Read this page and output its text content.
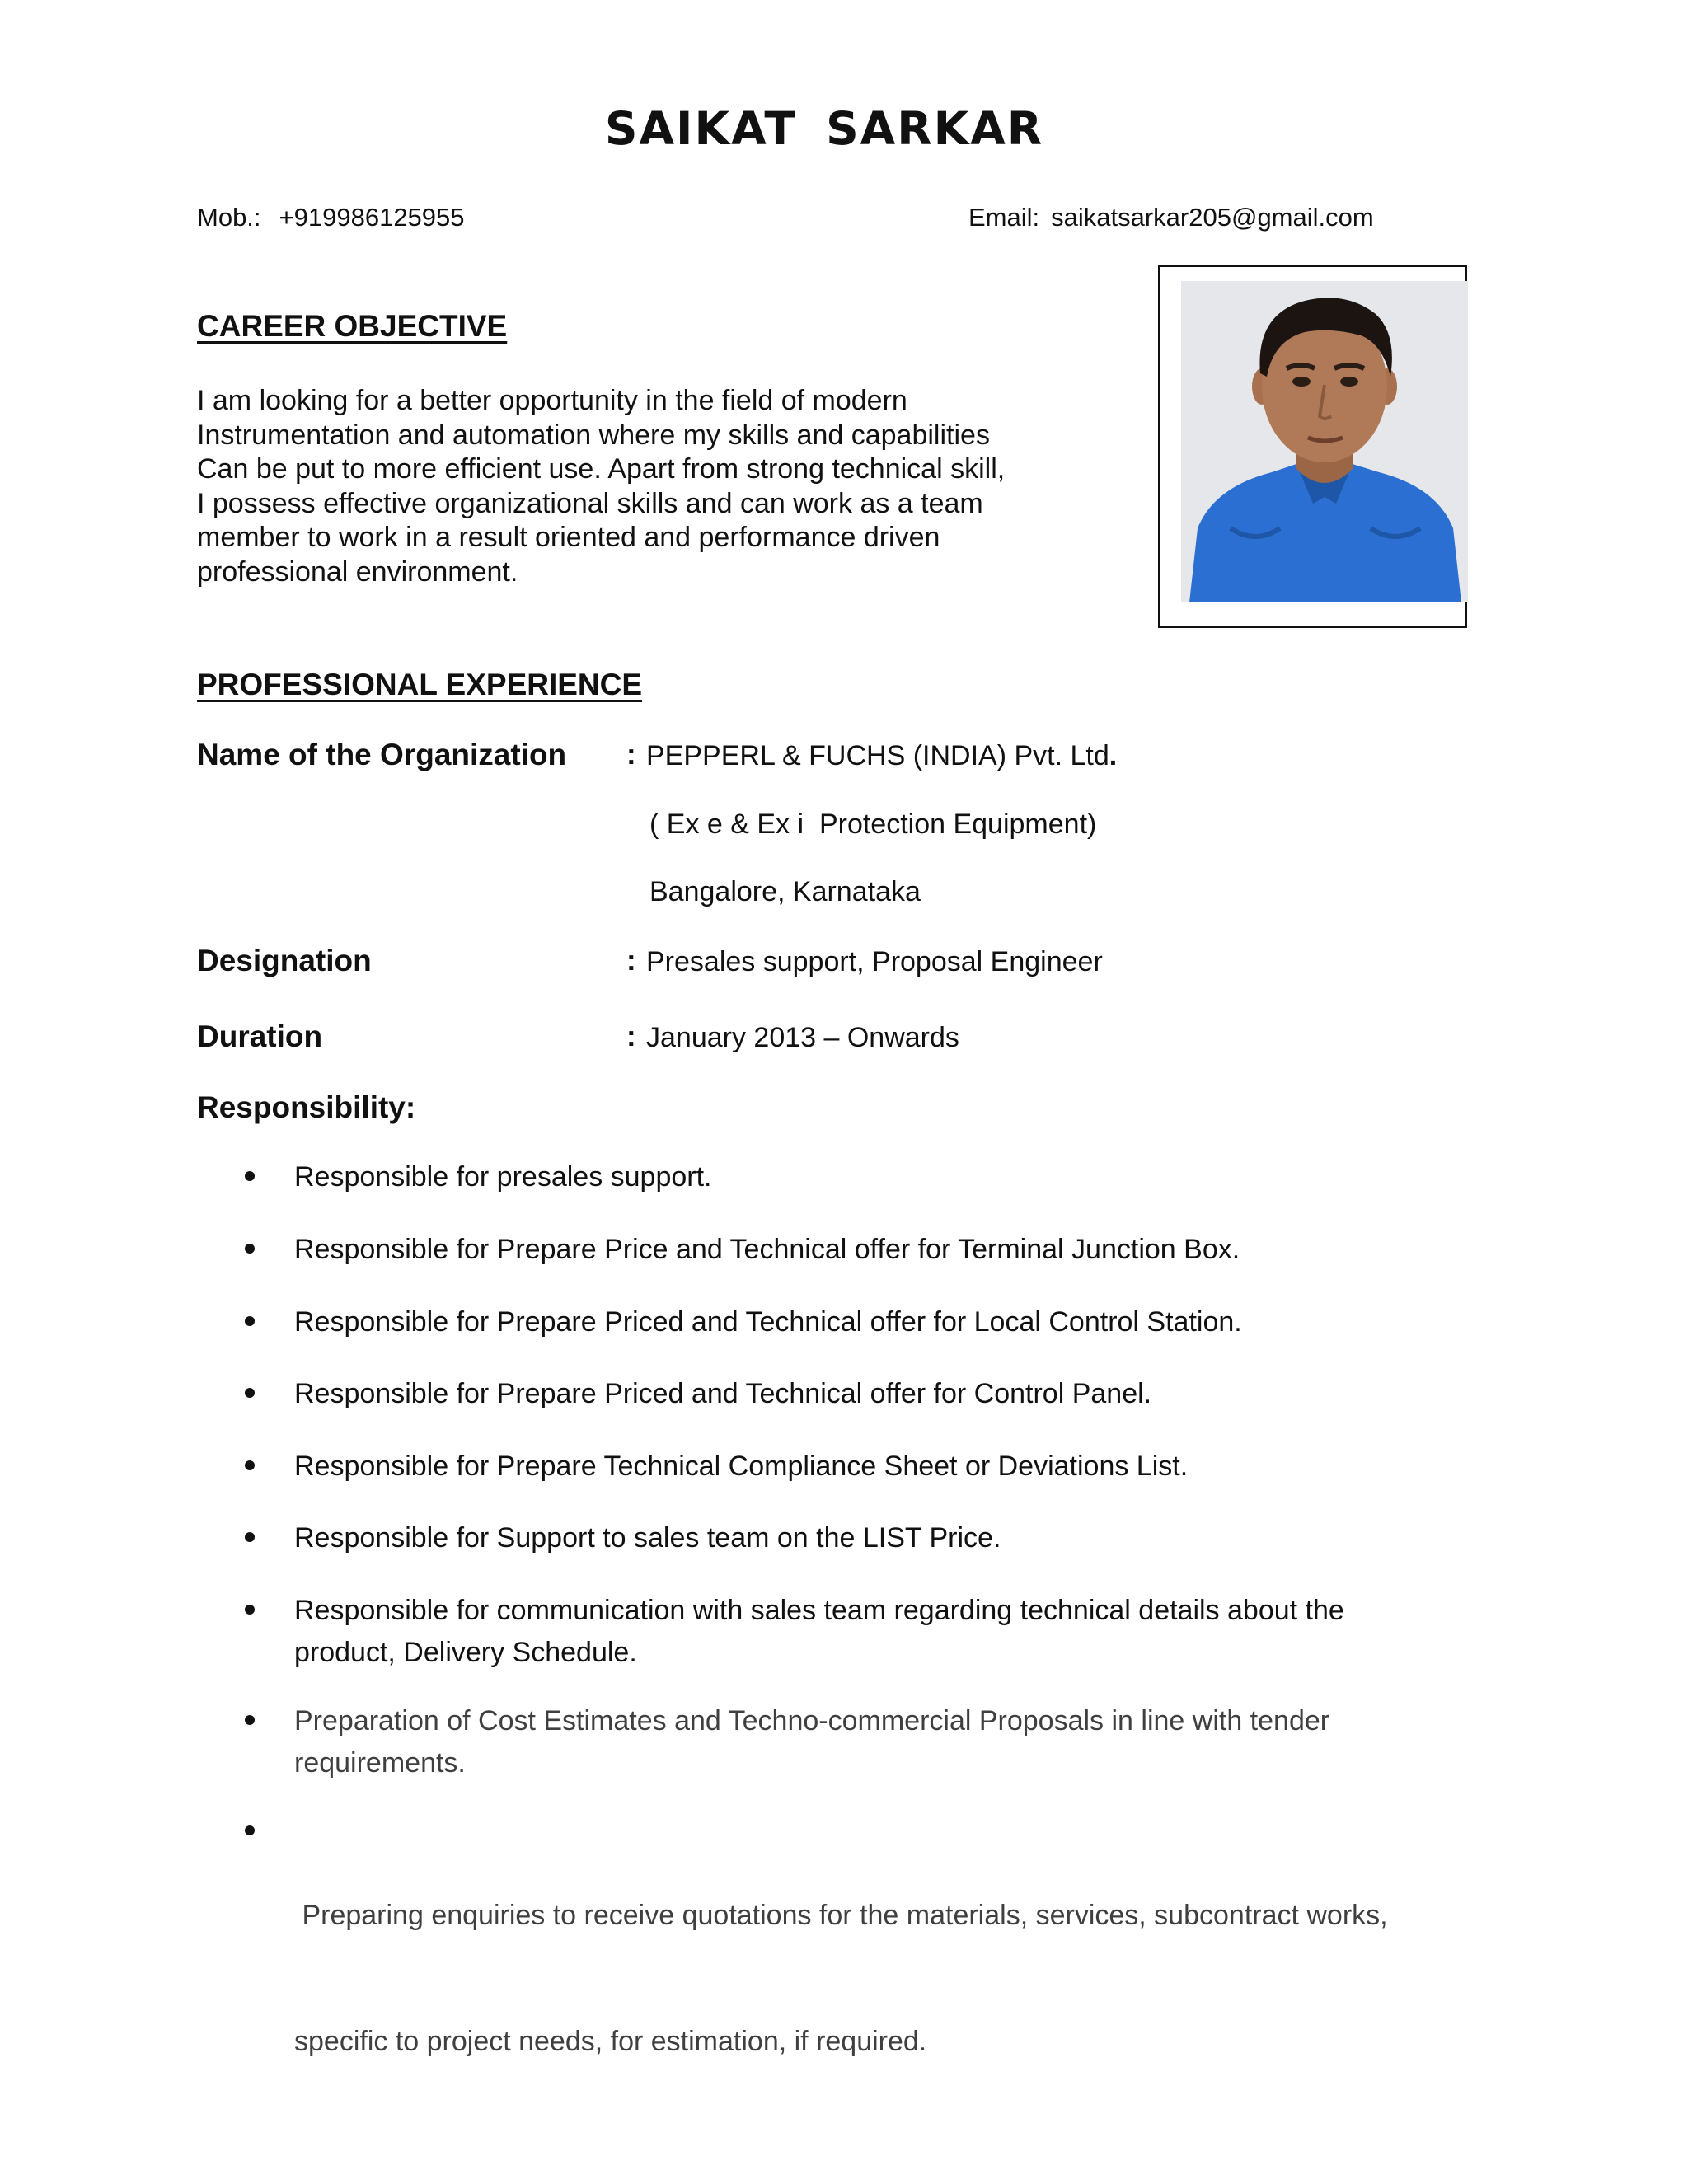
SAIKAT SARKAR
Mob.: +919986125955	Email: saikatsarkar205@gmail.com
CAREER OBJECTIVE
I am looking for a better opportunity in the field of modern
Instrumentation and automation where my skills and capabilities
Can be put to more efficient use. Apart from strong technical skill,
I possess effective organizational skills and can work as a team
member to work in a result oriented and performance driven
professional environment.
PROFESSIONAL EXPERIENCE
Name of the Organization : PEPPERL & FUCHS (INDIA) Pvt. Ltd.
( Ex e & Ex i  Protection Equipment)
Bangalore, Karnataka
Designation	: Presales support, Proposal Engineer
Duration	: January 2013 – Onwards
Responsibility:
Responsible for presales support.
Responsible for Prepare Price and Technical offer for Terminal Junction Box.
Responsible for Prepare Priced and Technical offer for Local Control Station.
Responsible for Prepare Priced and Technical offer for Control Panel.
Responsible for Prepare Technical Compliance Sheet or Deviations List.
Responsible for Support to sales team on the LIST Price.
Responsible for communication with sales team regarding technical details about the
product, Delivery Schedule.
Preparation of Cost Estimates and Techno-commercial Proposals in line with tender
requirements.

Preparing enquiries to receive quotations for the materials, services, subcontract works,

specific to project needs, for estimation, if required.
